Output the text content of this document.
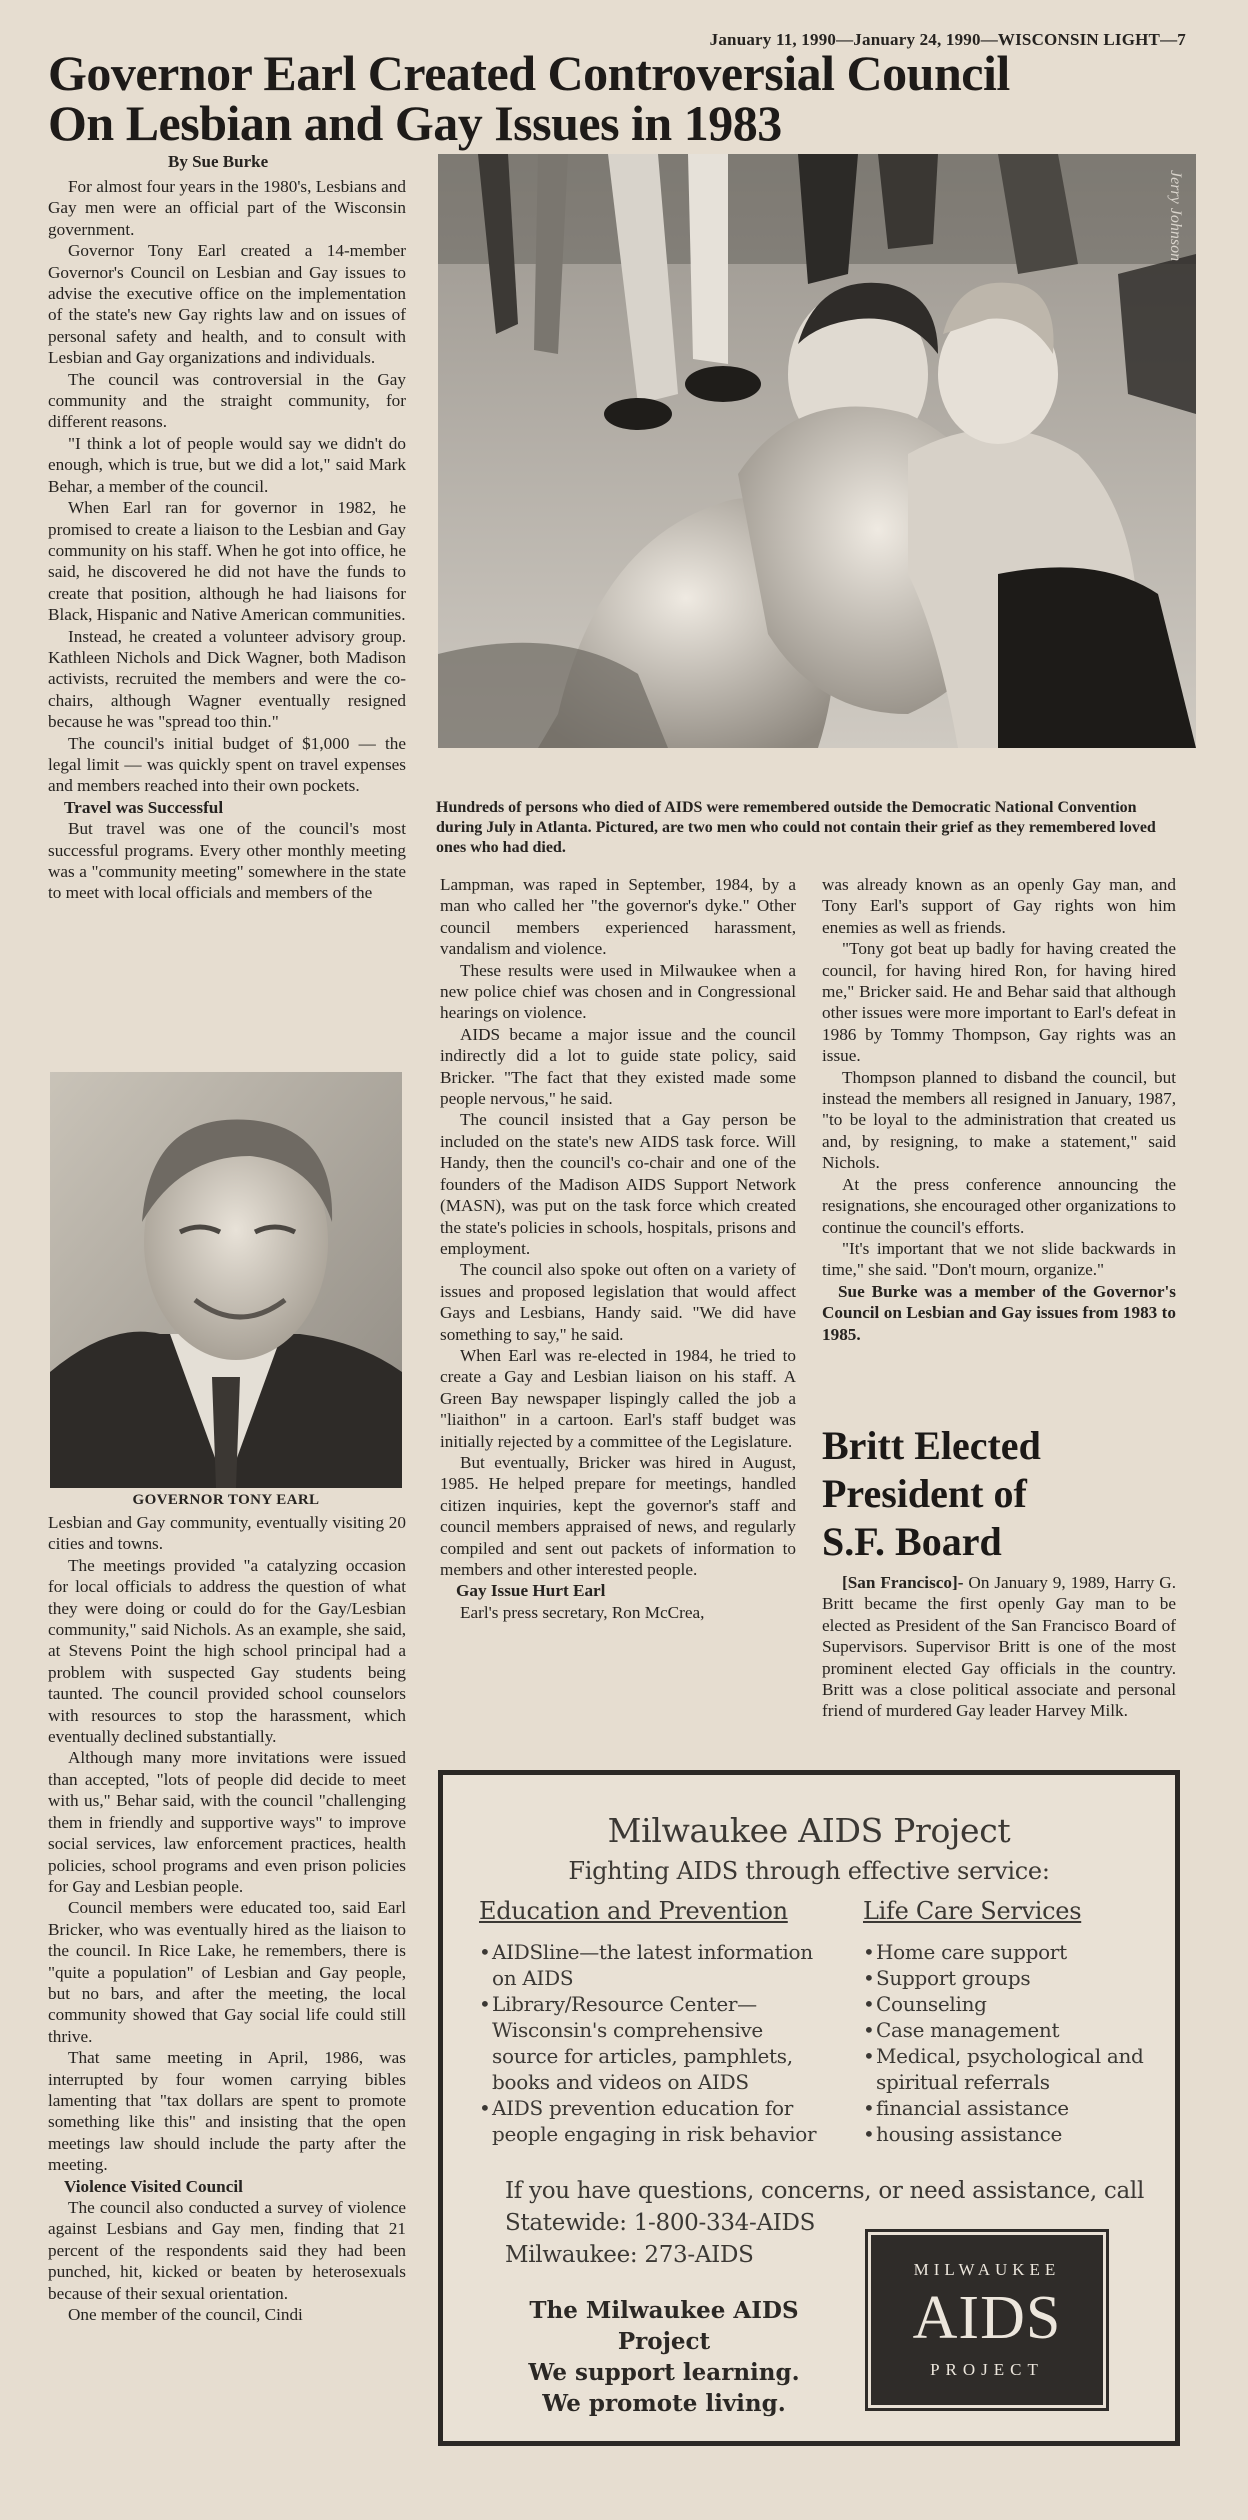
January 11, 1990—January 24, 1990—WISCONSIN LIGHT—7
Governor Earl Created Controversial Council
On Lesbian and Gay Issues in 1983
By Sue Burke

For almost four years in the 1980's, Lesbians and Gay men were an official part of the Wisconsin government.

Governor Tony Earl created a 14-member Governor's Council on Lesbian and Gay issues to advise the executive office on the implementation of the state's new Gay rights law and on issues of personal safety and health, and to consult with Lesbian and Gay organizations and individuals.

The council was controversial in the Gay community and the straight community, for different reasons.

"I think a lot of people would say we didn't do enough, which is true, but we did a lot," said Mark Behar, a member of the council.

When Earl ran for governor in 1982, he promised to create a liaison to the Lesbian and Gay community on his staff. When he got into office, he said, he discovered he did not have the funds to create that position, although he had liaisons for Black, Hispanic and Native American communities.

Instead, he created a volunteer advisory group. Kathleen Nichols and Dick Wagner, both Madison activists, recruited the members and were the co-chairs, although Wagner eventually resigned because he was "spread too thin."

The council's initial budget of $1,000 — the legal limit — was quickly spent on travel expenses and members reached into their own pockets.

Travel was Successful

But travel was one of the council's most successful programs. Every other monthly meeting was a "community meeting" somewhere in the state to meet with local officials and members of the

GOVERNOR TONY EARL

Lesbian and Gay community, eventually visiting 20 cities and towns.

The meetings provided "a catalyzing occasion for local officials to address the question of what they were doing or could do for the Gay/Lesbian community," said Nichols. As an example, she said, at Stevens Point the high school principal had a problem with suspected Gay students being taunted. The council provided school counselors with resources to stop the harassment, which eventually declined substantially.

Although many more invitations were issued than accepted, "lots of people did decide to meet with us," Behar said, with the council "challenging them in friendly and supportive ways" to improve social services, law enforcement practices, health policies, school programs and even prison policies for Gay and Lesbian people.

Council members were educated too, said Earl Bricker, who was eventually hired as the liaison to the council. In Rice Lake, he remembers, there is "quite a population" of Lesbian and Gay people, but no bars, and after the meeting, the local community showed that Gay social life could still thrive.

That same meeting in April, 1986, was interrupted by four women carrying bibles lamenting that "tax dollars are spent to promote something like this" and insisting that the open meetings law should include the party after the meeting.

Violence Visited Council

The council also conducted a survey of violence against Lesbians and Gay men, finding that 21 percent of the respondents said they had been punched, hit, kicked or beaten by heterosexuals because of their sexual orientation.

One member of the council, Cindi

Jerry Johnson
Hundreds of persons who died of AIDS were remembered outside the Democratic National Convention during July in Atlanta. Pictured, are two men who could not contain their grief as they remembered loved ones who had died.

Lampman, was raped in September, 1984, by a man who called her "the governor's dyke." Other council members experienced harassment, vandalism and violence.

These results were used in Milwaukee when a new police chief was chosen and in Congressional hearings on violence.

AIDS became a major issue and the council indirectly did a lot to guide state policy, said Bricker. "The fact that they existed made some people nervous," he said.

The council insisted that a Gay person be included on the state's new AIDS task force. Will Handy, then the council's co-chair and one of the founders of the Madison AIDS Support Network (MASN), was put on the task force which created the state's policies in schools, hospitals, prisons and employment.

The council also spoke out often on a variety of issues and proposed legislation that would affect Gays and Lesbians, Handy said. "We did have something to say," he said.

When Earl was re-elected in 1984, he tried to create a Gay and Lesbian liaison on his staff. A Green Bay newspaper lispingly called the job a "liaithon" in a cartoon. Earl's staff budget was initially rejected by a committee of the Legislature.

But eventually, Bricker was hired in August, 1985. He helped prepare for meetings, handled citizen inquiries, kept the governor's staff and council members appraised of news, and regularly compiled and sent out packets of information to members and other interested people.

Gay Issue Hurt Earl

Earl's press secretary, Ron McCrea,

was already known as an openly Gay man, and Tony Earl's support of Gay rights won him enemies as well as friends.

"Tony got beat up badly for having created the council, for having hired Ron, for having hired me," Bricker said. He and Behar said that although other issues were more important to Earl's defeat in 1986 by Tommy Thompson, Gay rights was an issue.

Thompson planned to disband the council, but instead the members all resigned in January, 1987, "to be loyal to the administration that created us and, by resigning, to make a statement," said Nichols.

At the press conference announcing the resignations, she encouraged other organizations to continue the council's efforts.

"It's important that we not slide backwards in time," she said. "Don't mourn, organize."

Sue Burke was a member of the Governor's Council on Lesbian and Gay issues from 1983 to 1985.

Britt Elected
President of
S.F. Board

[San Francisco]- On January 9, 1989, Harry G. Britt became the first openly Gay man to be elected as President of the San Francisco Board of Supervisors. Supervisor Britt is one of the most prominent elected Gay officials in the country. Britt was a close political associate and personal friend of murdered Gay leader Harvey Milk.

Milwaukee AIDS Project
Fighting AIDS through effective service:
Education and Prevention	Life Care Services
• AIDSline—the latest information on AIDS
• Library/Resource Center— Wisconsin's comprehensive source for articles, pamphlets, books and videos on AIDS
• AIDS prevention education for people engaging in risk behavior
• Home care support
• Support groups
• Counseling
• Case management
• Medical, psychological and spiritual referrals
• financial assistance
• housing assistance
If you have questions, concerns, or need assistance, call
Statewide: 1-800-334-AIDS
Milwaukee: 273-AIDS
The Milwaukee AIDS Project
We support learning.
We promote living.
MILWAUKEE
AIDS
PROJECT
